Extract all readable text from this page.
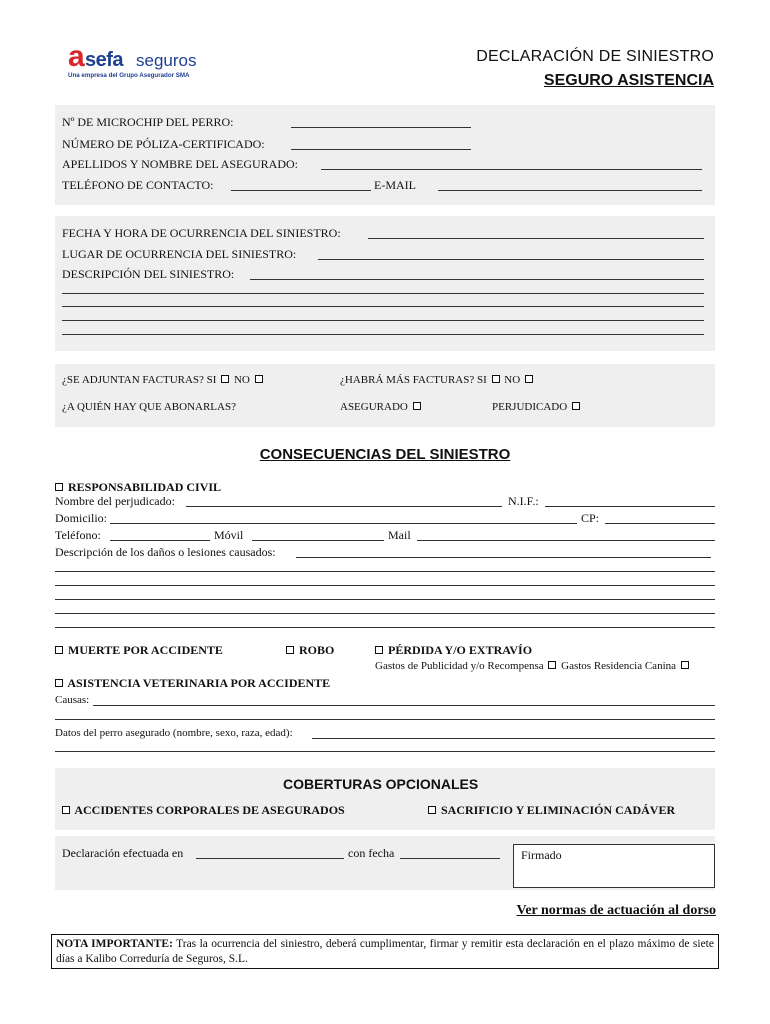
a sefa seguros
Una empresa del Grupo Asegurador SMA
DECLARACIÓN DE SINIESTRO
SEGURO ASISTENCIA
Nº DE MICROCHIP DEL PERRO:
NÚMERO DE PÓLIZA-CERTIFICADO:
APELLIDOS Y NOMBRE DEL ASEGURADO:
TELÉFONO DE CONTACTO:	E-MAIL
FECHA Y HORA DE OCURRENCIA DEL SINIESTRO:
LUGAR DE OCURRENCIA DEL SINIESTRO:
DESCRIPCIÓN DEL SINIESTRO:
¿SE ADJUNTAN FACTURAS? SI NO	¿HABRÁ MÁS FACTURAS? SI NO
¿A QUIÉN HAY QUE ABONARLAS?	ASEGURADO	PERJUDICADO
CONSECUENCIAS DEL SINIESTRO
RESPONSABILIDAD CIVIL
Nombre del perjudicado:	N.I.F.:
Domicilio:	CP:
Teléfono:	Móvil	Mail
Descripción de los daños o lesiones causados:
MUERTE POR ACCIDENTE	ROBO	PÉRDIDA Y/O EXTRAVÍO
Gastos de Publicidad y/o Recompensa Gastos Residencia Canina
ASISTENCIA VETERINARIA POR ACCIDENTE
Causas:
Datos del perro asegurado (nombre, sexo, raza, edad):
COBERTURAS OPCIONALES
ACCIDENTES CORPORALES DE ASEGURADOS	SACRIFICIO Y ELIMINACIÓN CADÁVER
Declaración efectuada en	con fecha	Firmado
Ver normas de actuación al dorso
NOTA IMPORTANTE: Tras la ocurrencia del siniestro, deberá cumplimentar, firmar y remitir esta declaración en el plazo máximo de siete días a Kalibo Correduría de Seguros, S.L.
